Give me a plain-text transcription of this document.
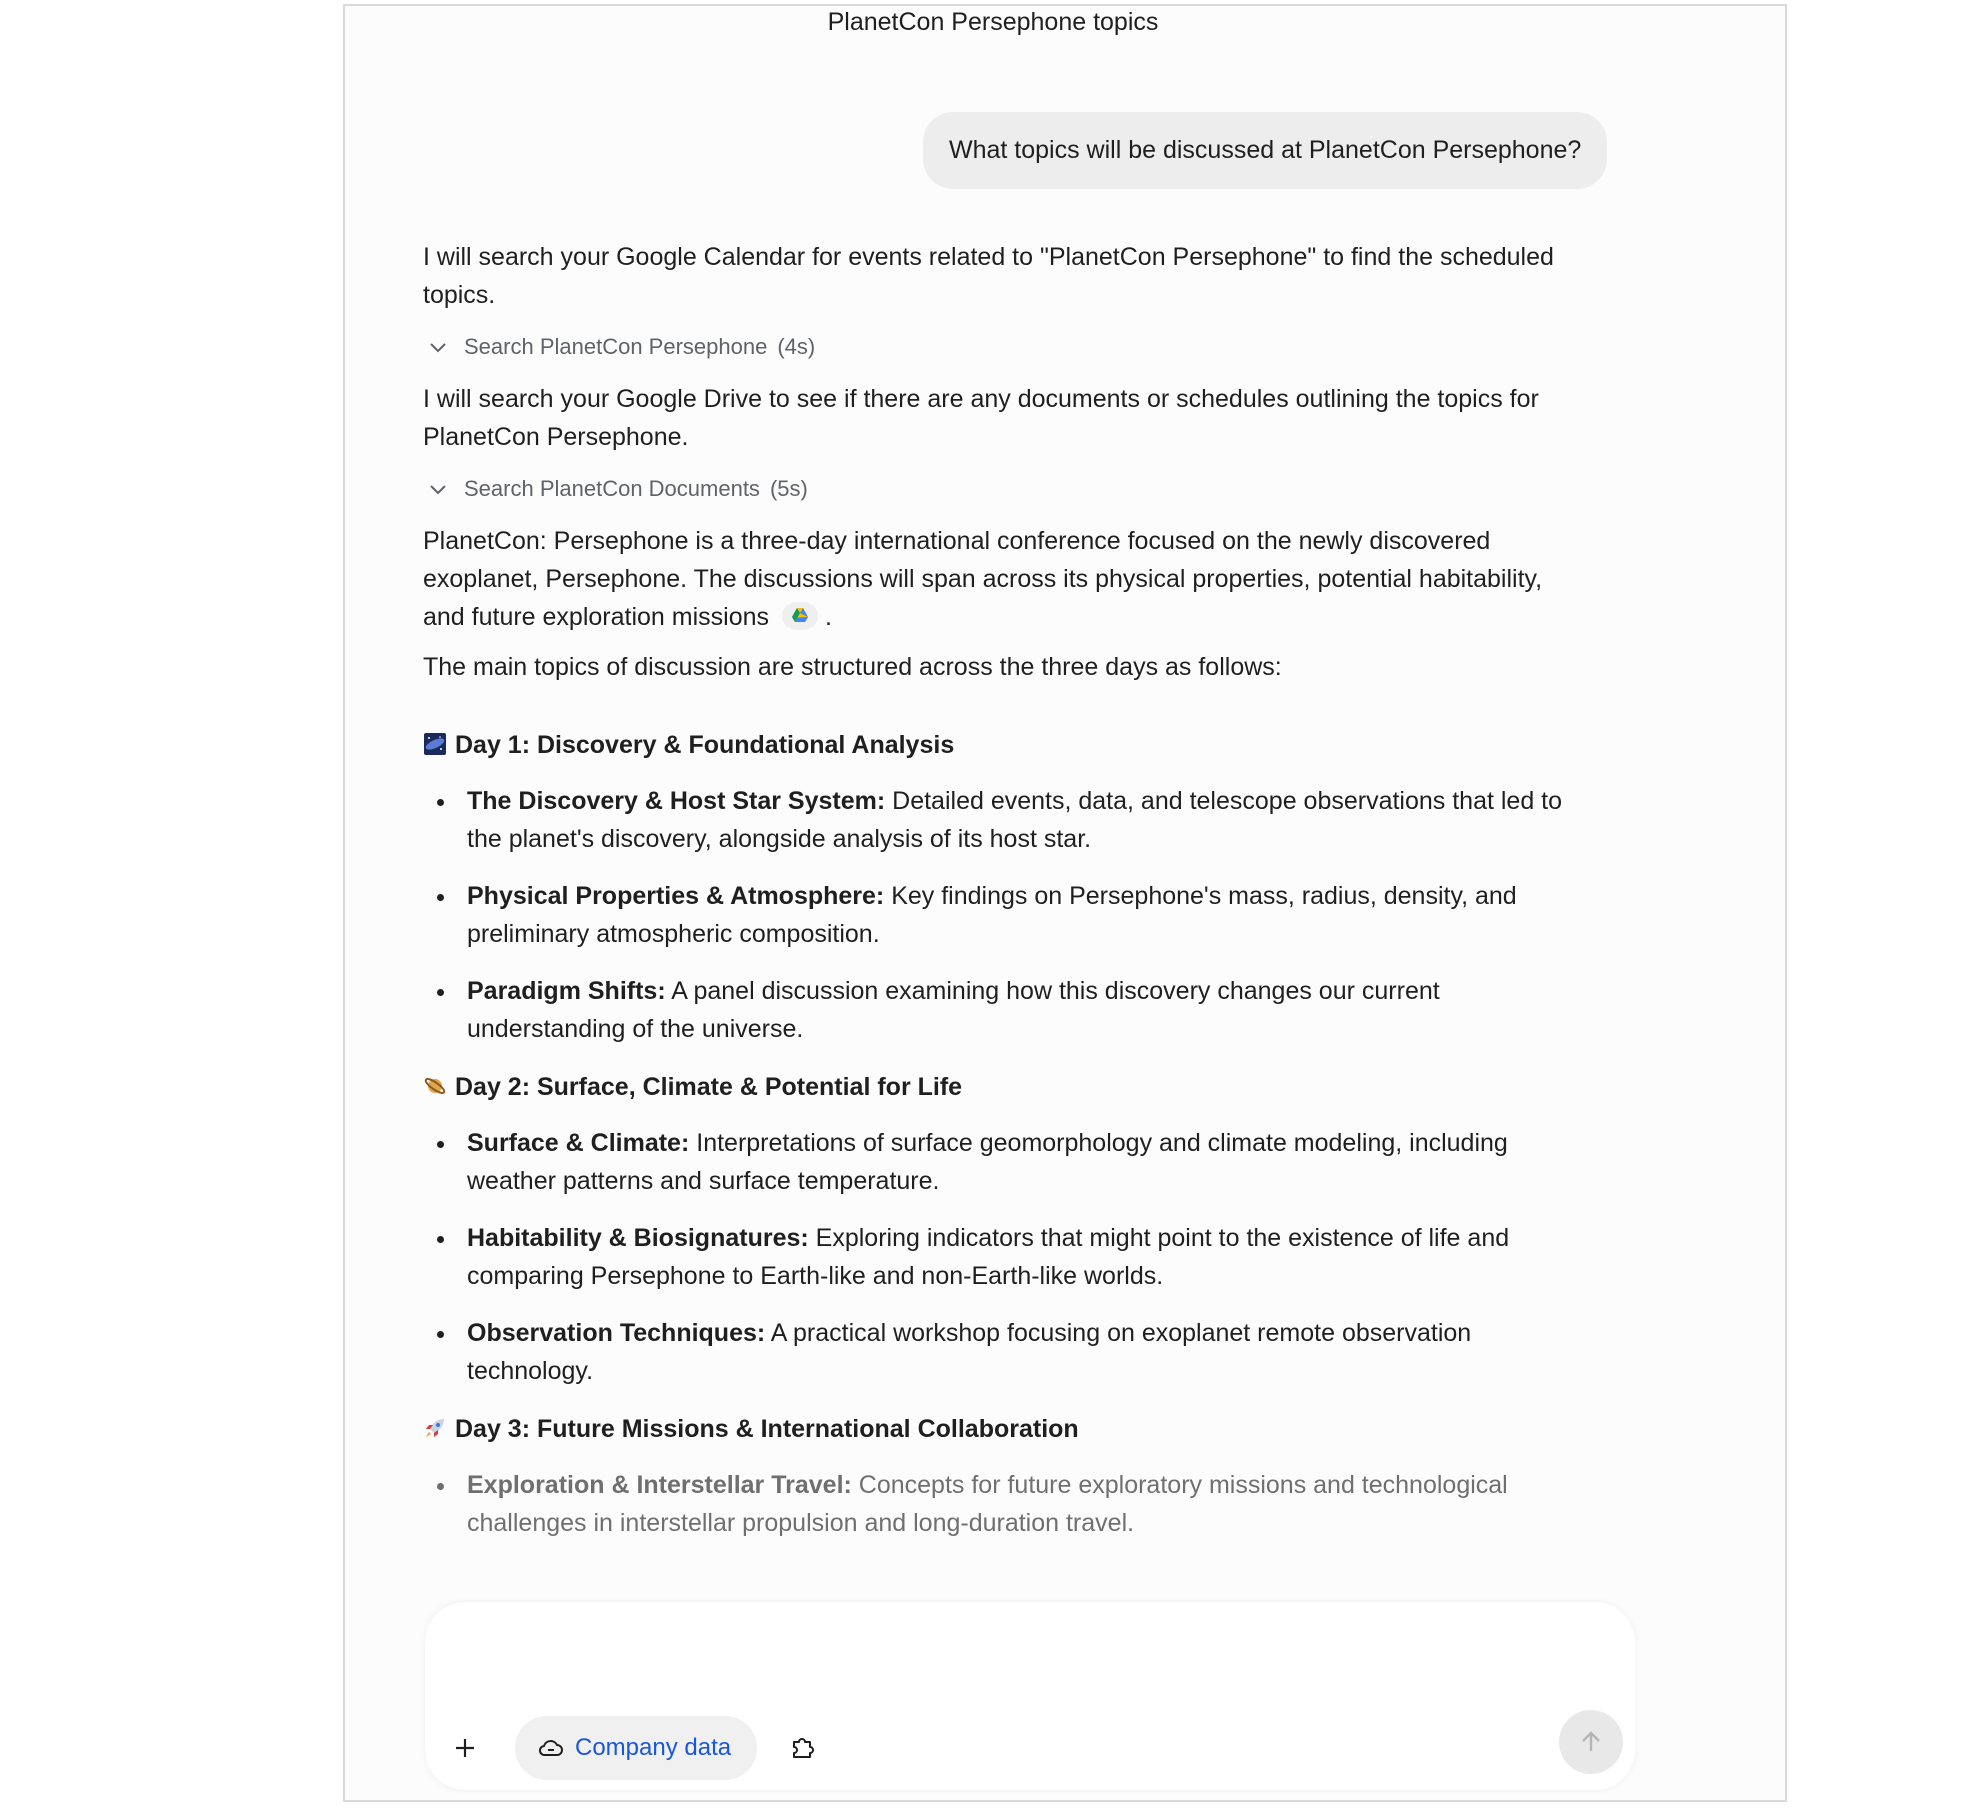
PlanetCon Persephone topics
What topics will be discussed at PlanetCon Persephone?

I will search your Google Calendar for events related to "PlanetCon Persephone" to find the scheduled topics.

Search PlanetCon Persephone (4s)

I will search your Google Drive to see if there are any documents or schedules outlining the topics for PlanetCon Persephone.

Search PlanetCon Documents (5s)

PlanetCon: Persephone is a three-day international conference focused on the newly discovered exoplanet, Persephone. The discussions will span across its physical properties, potential habitability, and future exploration missions .

The main topics of discussion are structured across the three days as follows:

Day 1: Discovery & Foundational Analysis
The Discovery & Host Star System: Detailed events, data, and telescope observations that led to the planet's discovery, alongside analysis of its host star.
Physical Properties & Atmosphere: Key findings on Persephone's mass, radius, density, and preliminary atmospheric composition.
Paradigm Shifts: A panel discussion examining how this discovery changes our current understanding of the universe.
Day 2: Surface, Climate & Potential for Life
Surface & Climate: Interpretations of surface geomorphology and climate modeling, including weather patterns and surface temperature.
Habitability & Biosignatures: Exploring indicators that might point to the existence of life and comparing Persephone to Earth-like and non-Earth-like worlds.
Observation Techniques: A practical workshop focusing on exoplanet remote observation technology.
Day 3: Future Missions & International Collaboration
Exploration & Interstellar Travel: Concepts for future exploratory missions and technological challenges in interstellar propulsion and long-duration travel.
Company data
